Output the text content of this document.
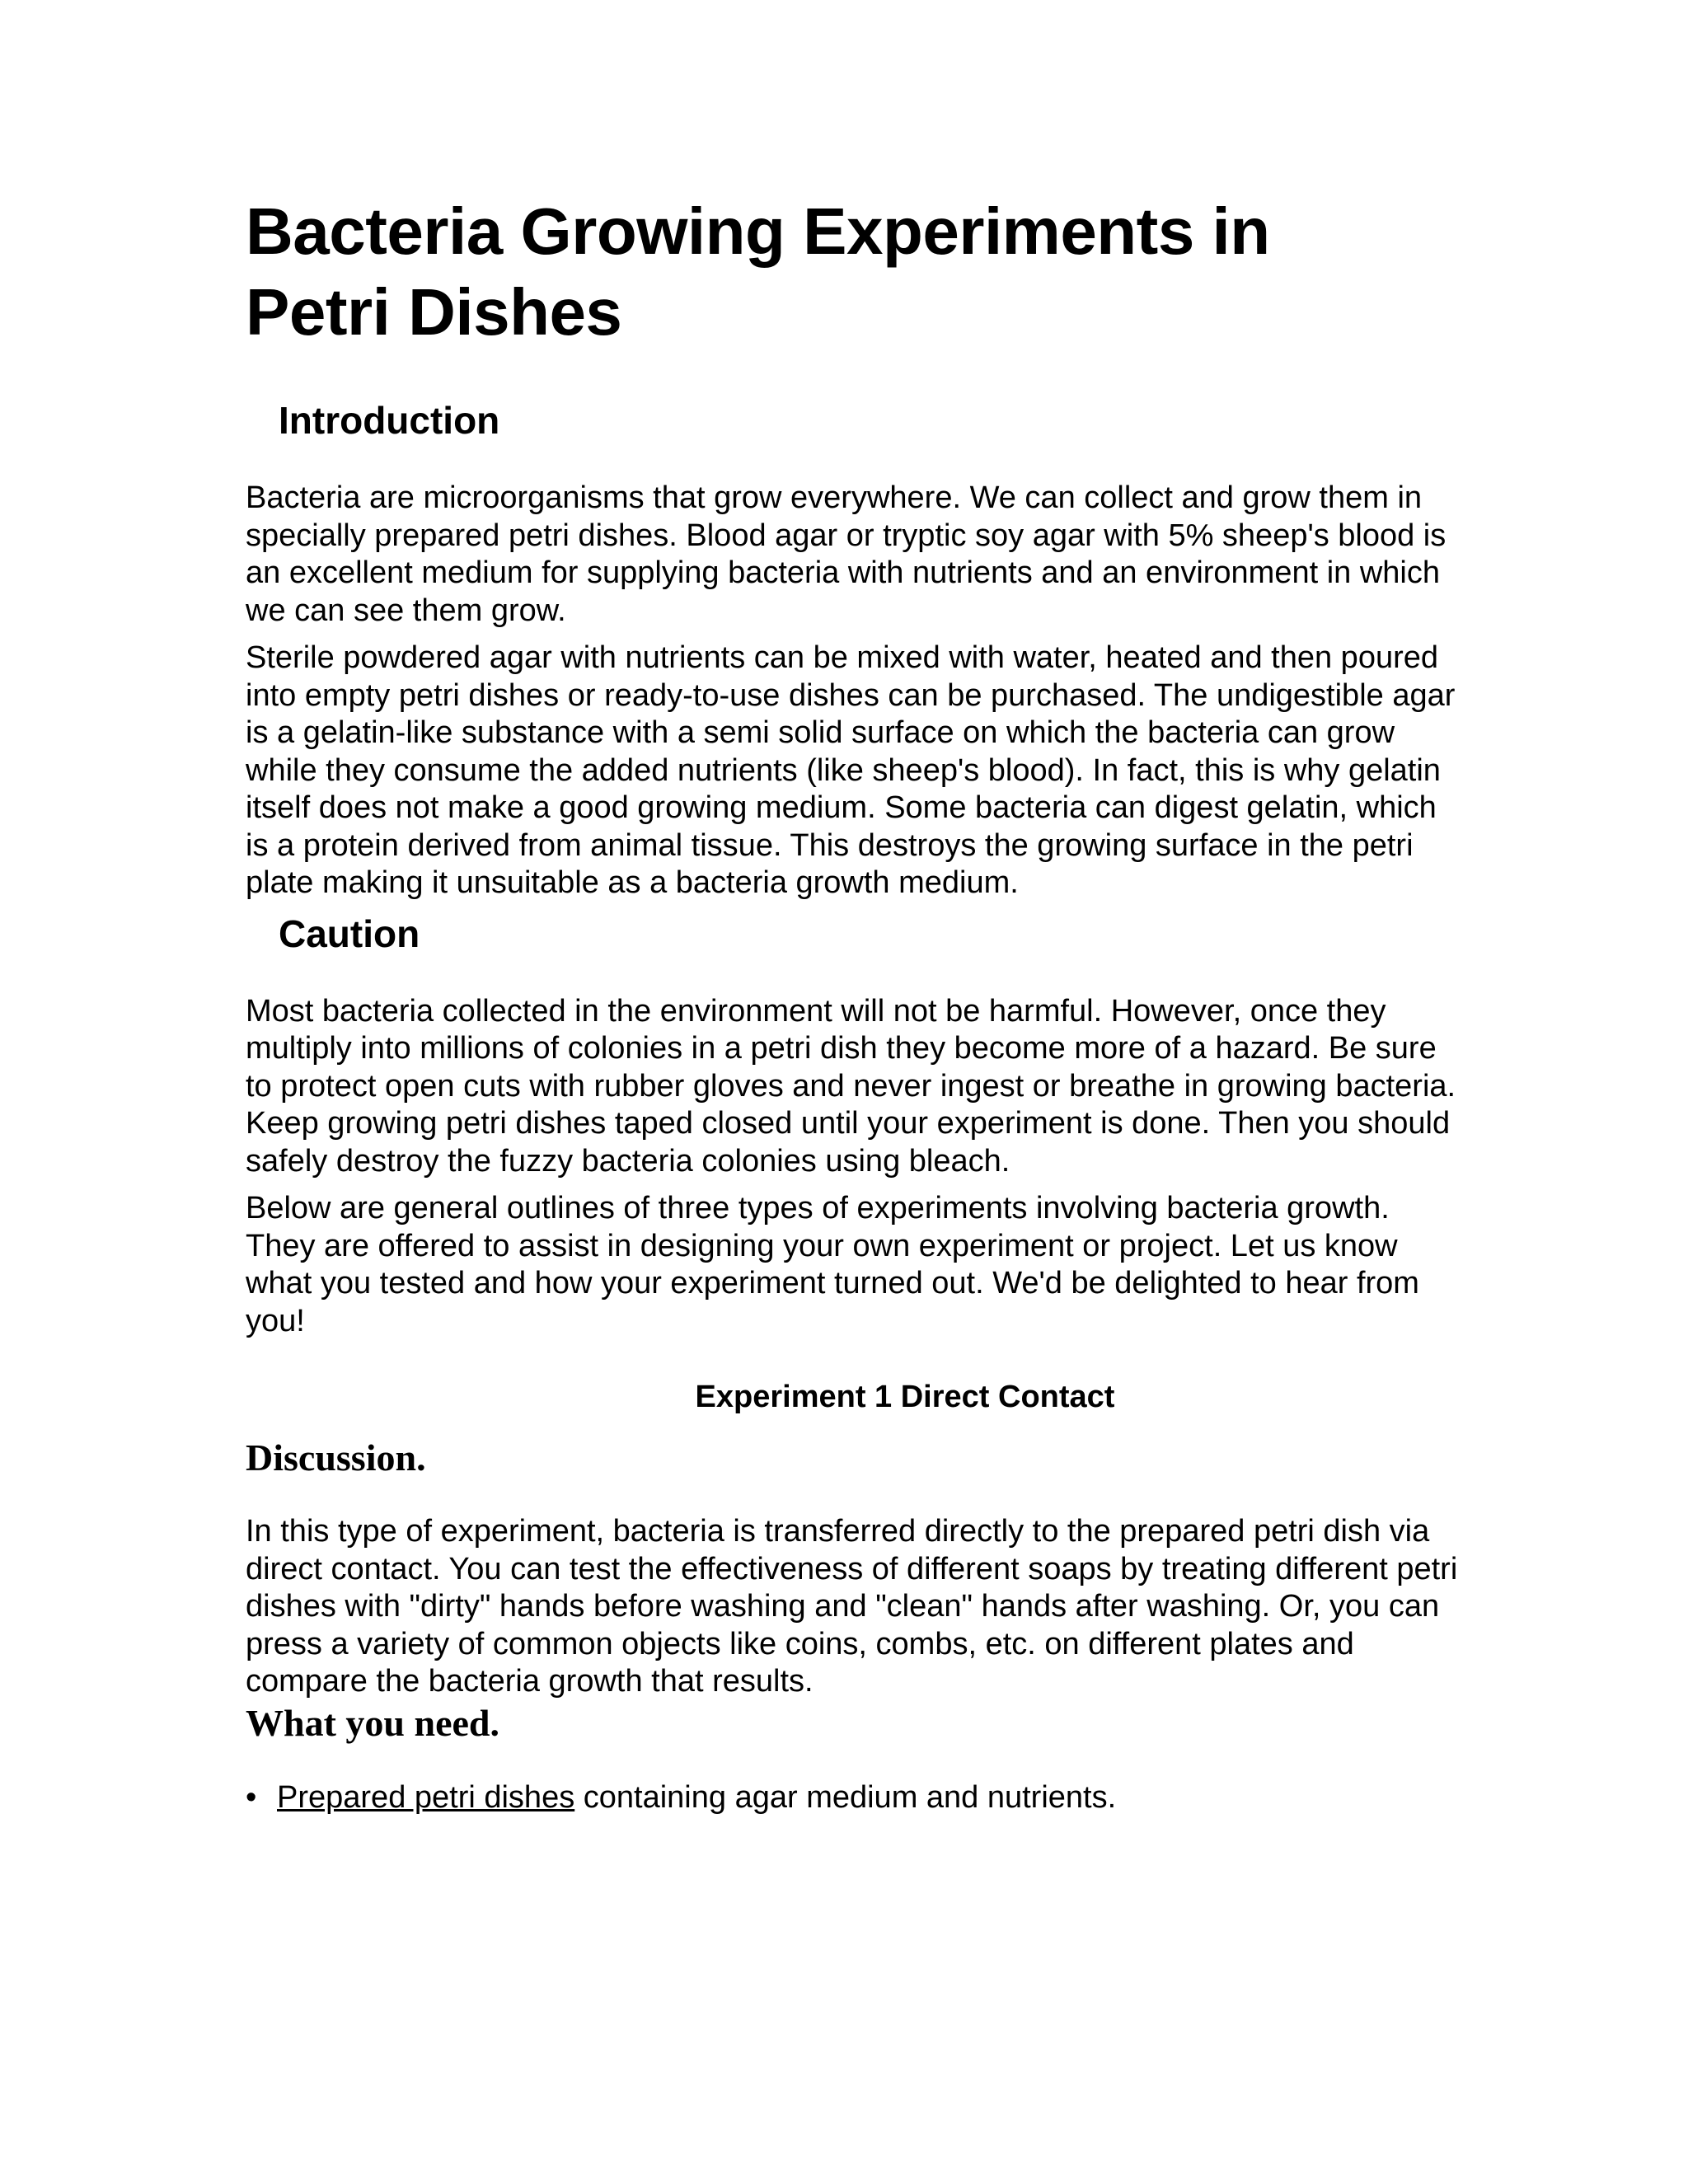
Bacteria Growing Experiments in
Petri Dishes
Introduction

Bacteria are microorganisms that grow everywhere. We can collect and grow them in specially prepared petri dishes. Blood agar or tryptic soy agar with 5% sheep's blood is an excellent medium for supplying bacteria with nutrients and an environment in which we can see them grow.

Sterile powdered agar with nutrients can be mixed with water, heated and then poured into empty petri dishes or ready-to-use dishes can be purchased. The undigestible agar is a gelatin-like substance with a semi solid surface on which the bacteria can grow while they consume the added nutrients (like sheep's blood). In fact, this is why gelatin itself does not make a good growing medium. Some bacteria can digest gelatin, which is a protein derived from animal tissue. This destroys the growing surface in the petri plate making it unsuitable as a bacteria growth medium.

Caution

Most bacteria collected in the environment will not be harmful. However, once they multiply into millions of colonies in a petri dish they become more of a hazard. Be sure to protect open cuts with rubber gloves and never ingest or breathe in growing bacteria. Keep growing petri dishes taped closed until your experiment is done. Then you should safely destroy the fuzzy bacteria colonies using bleach.

Below are general outlines of three types of experiments involving bacteria growth. They are offered to assist in designing your own experiment or project. Let us know what you tested and how your experiment turned out. We'd be delighted to hear from you!

Experiment 1 Direct Contact
Discussion.

In this type of experiment, bacteria is transferred directly to the prepared petri dish via direct contact. You can test the effectiveness of different soaps by treating different petri dishes with "dirty" hands before washing and "clean" hands after washing. Or, you can press a variety of common objects like coins, combs, etc. on different plates and compare the bacteria growth that results.

What you need.
• Prepared petri dishes containing agar medium and nutrients.
